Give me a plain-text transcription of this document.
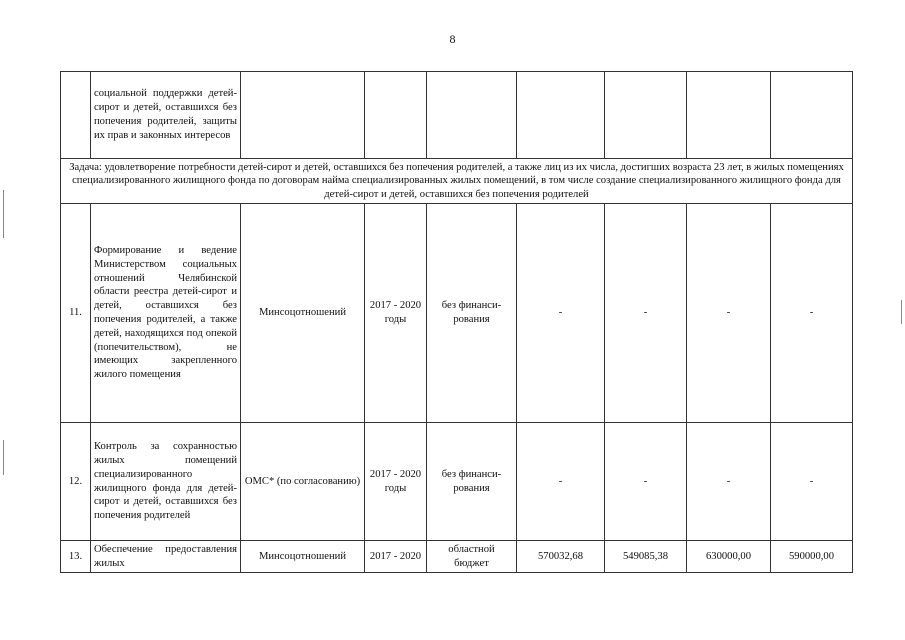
8
	социальной поддержки детей-сирот и детей, оставшихся без попечения родителей, защиты их прав и законных интересов							
Задача: удовлетворение потребности детей-сирот и детей, оставшихся без попечения родителей, а также лиц из их числа, достигших возраста 23 лет, в жилых помещениях специализированного жилищного фонда по договорам найма специализированных жилых помещений, в том числе создание специализированного жилищного фонда для детей-сирот и детей, оставшихся без попечения родителей								
11.	Формирование и ведение Министерством социальных отношений Челябинской области реестра детей-сирот и детей, оставшихся без попечения родителей, а также детей, находящихся под опекой (попечительством), не имеющих закрепленного жилого помещения	Минсоцотношений	2017 - 2020 годы	без финанси-рования	-	-	-	-
12.	Контроль за сохранностью жилых помещений специализированного жилищного фонда для детей-сирот и детей, оставшихся без попечения родителей	ОМС* (по согласованию)	2017 - 2020 годы	без финанси-рования	-	-	-	-
13.	Обеспечение предоставления жилых	Минсоцотношений	2017 - 2020	областной бюджет	570032,68	549085,38	630000,00	590000,00
